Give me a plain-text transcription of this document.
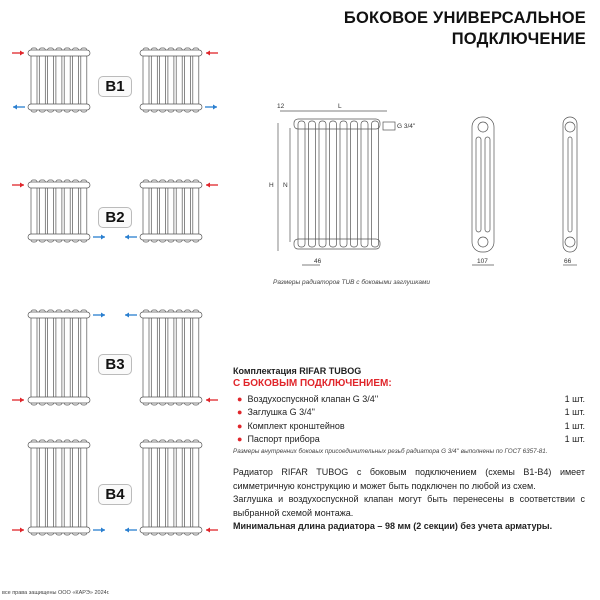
БОКОВОЕ УНИВЕРСАЛЬНОЕ
ПОДКЛЮЧЕНИЕ
B1
B2
B3
B4
12	L
H N
G 3/4''
46	107	66
Размеры радиаторов TUB с боковыми заглушками
Комплектация RIFAR TUBOG
С БОКОВЫМ ПОДКЛЮЧЕНИЕМ:
● Воздухоспускной клапан G 3/4''	1 шт.
● Заглушка G 3/4''	1 шт.
● Комплект кронштейнов	1 шт.
● Паспорт прибора	1 шт.
Размеры внутренних боковых присоединительных резьб радиатора G 3/4'' выполнены по ГОСТ 6357-81.
Радиатор RIFAR TUBOG с боковым подключением (схемы В1-В4) имеет симметричную конструкцию и может быть подключен по любой из схем.
Заглушка и воздухоспускной клапан могут быть перенесены в соответствии с выбранной схемой монтажа.
Минимальная длина радиатора – 98 мм (2 секции) без учета арматуры.
все права защищены ООО «КАРЭ» 2024г.
